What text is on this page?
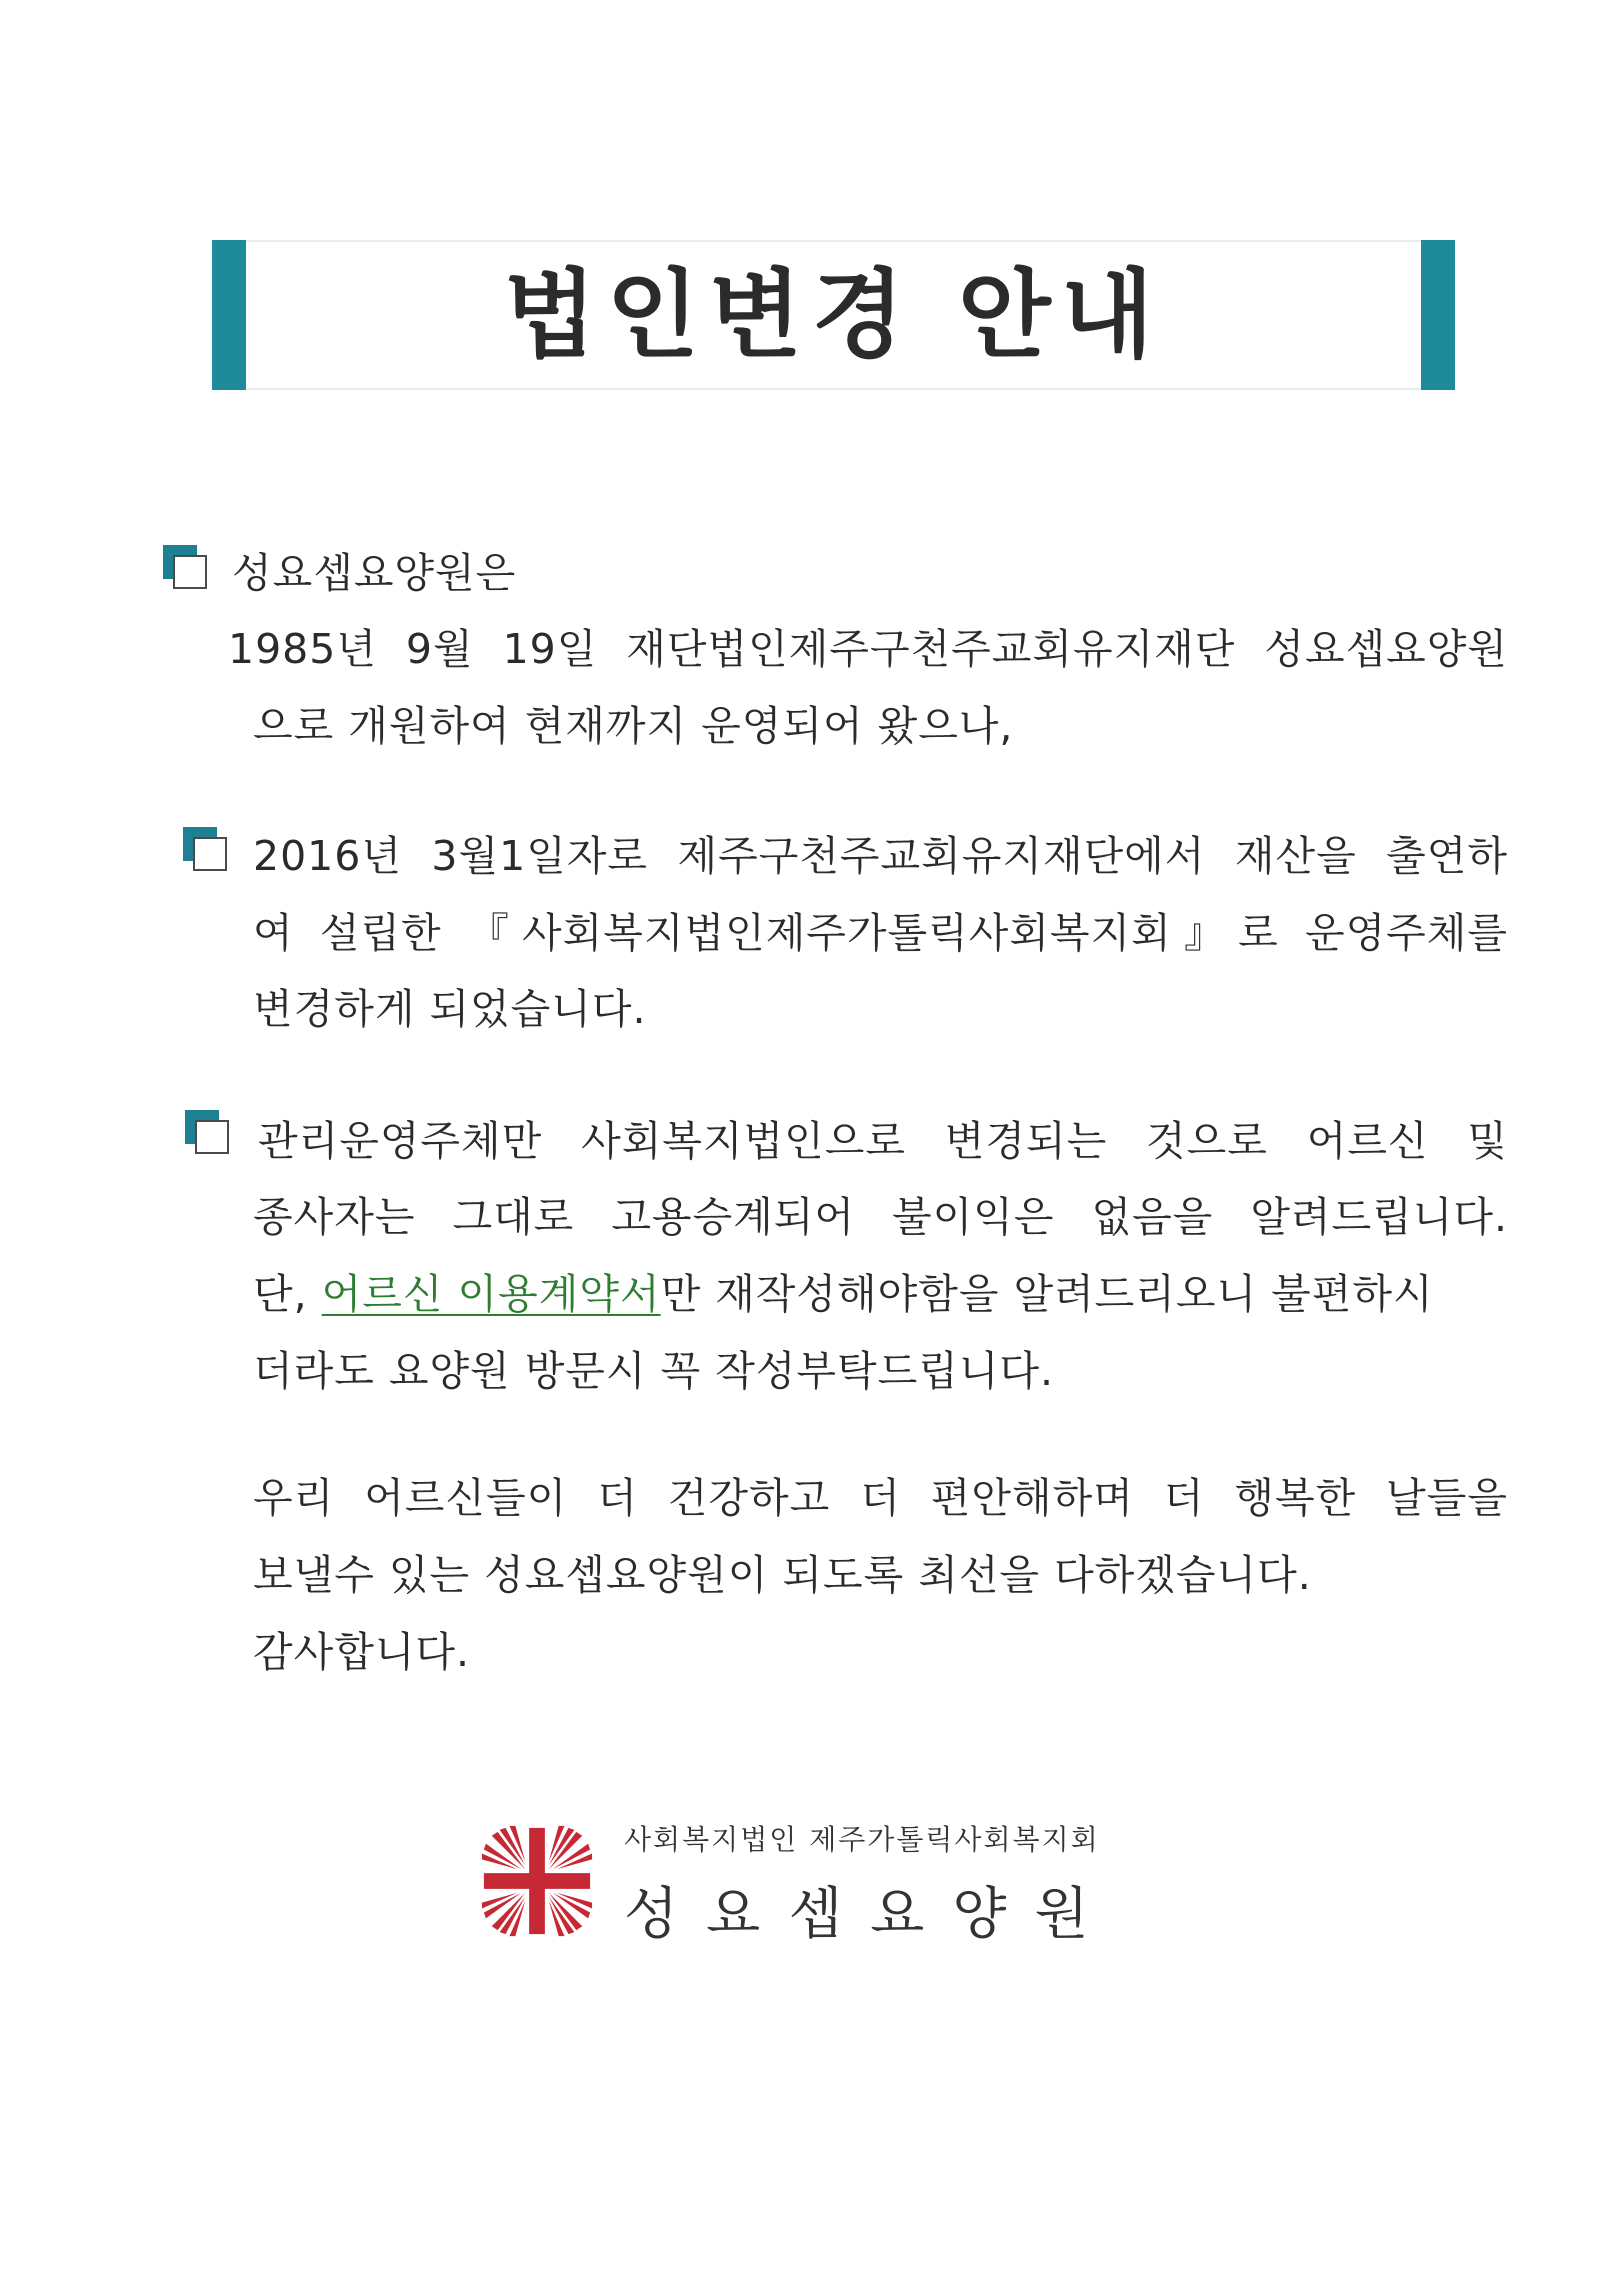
법인변경 안내
성요셉요양원은
1985년 9월 19일 재단법인제주구천주교회유지재단 성요셉요양원
으로 개원하여 현재까지 운영되어 왔으나,
2016년 3월1일자로 제주구천주교회유지재단에서 재산을 출연하
여 설립한 『사회복지법인제주가톨릭사회복지회』로 운영주체를
변경하게 되었습니다.
관리운영주체만 사회복지법인으로 변경되는 것으로 어르신 및
종사자는 그대로 고용승계되어 불이익은 없음을 알려드립니다.
단, 어르신 이용계약서만 재작성해야함을 알려드리오니 불편하시
더라도 요양원 방문시 꼭 작성부탁드립니다.
우리 어르신들이 더 건강하고 더 편안해하며 더 행복한 날들을
보낼수 있는 성요셉요양원이 되도록 최선을 다하겠습니다.
감사합니다.
사회복지법인 제주가톨릭사회복지회
성요셉요양원
